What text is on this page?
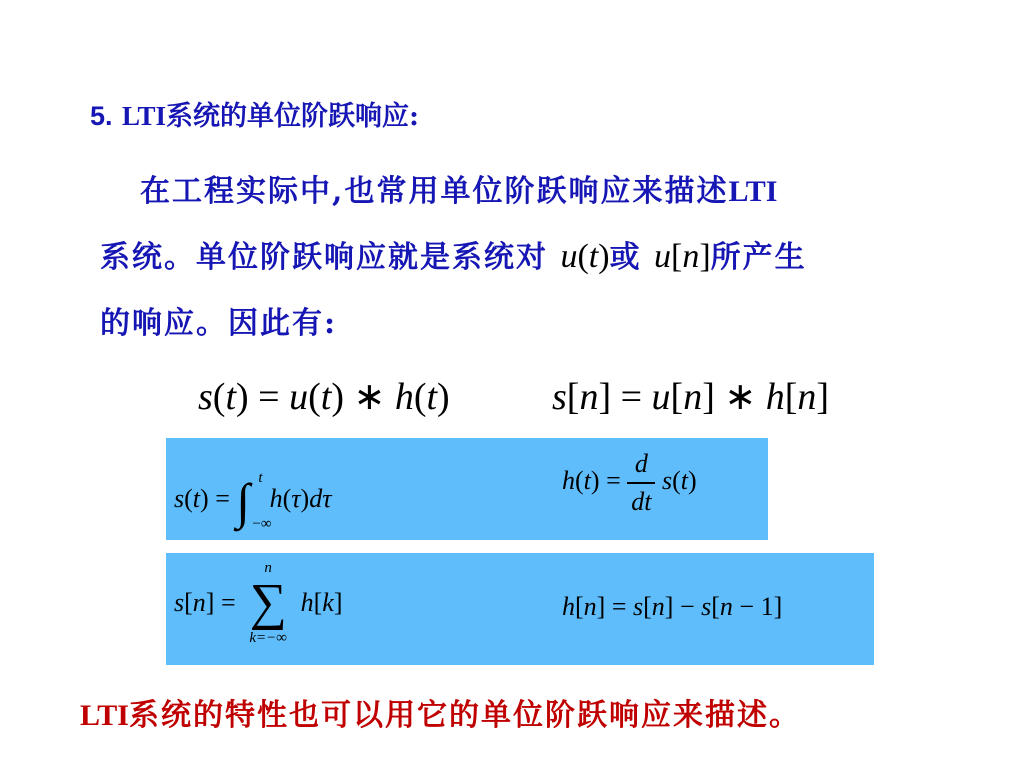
5. LTI系统的单位阶跃响应:
在工程实际中,也常用单位阶跃响应来描述LTI
系统。单位阶跃响应就是系统对 u(t)或 u[n]所产生
的响应。因此有:
s(t) = u(t) ∗ h(t)	s[n] = u[n] ∗ h[n]
s(t) = ∫ t
−∞
h(τ)dτ
$h(t) = \frac{d}{dt} s(t)$
s[n] =
n
∑
k=−∞
h[k]	h[n] = s[n] − s[n − 1]
LTI系统的特性也可以用它的单位阶跃响应来描述。
